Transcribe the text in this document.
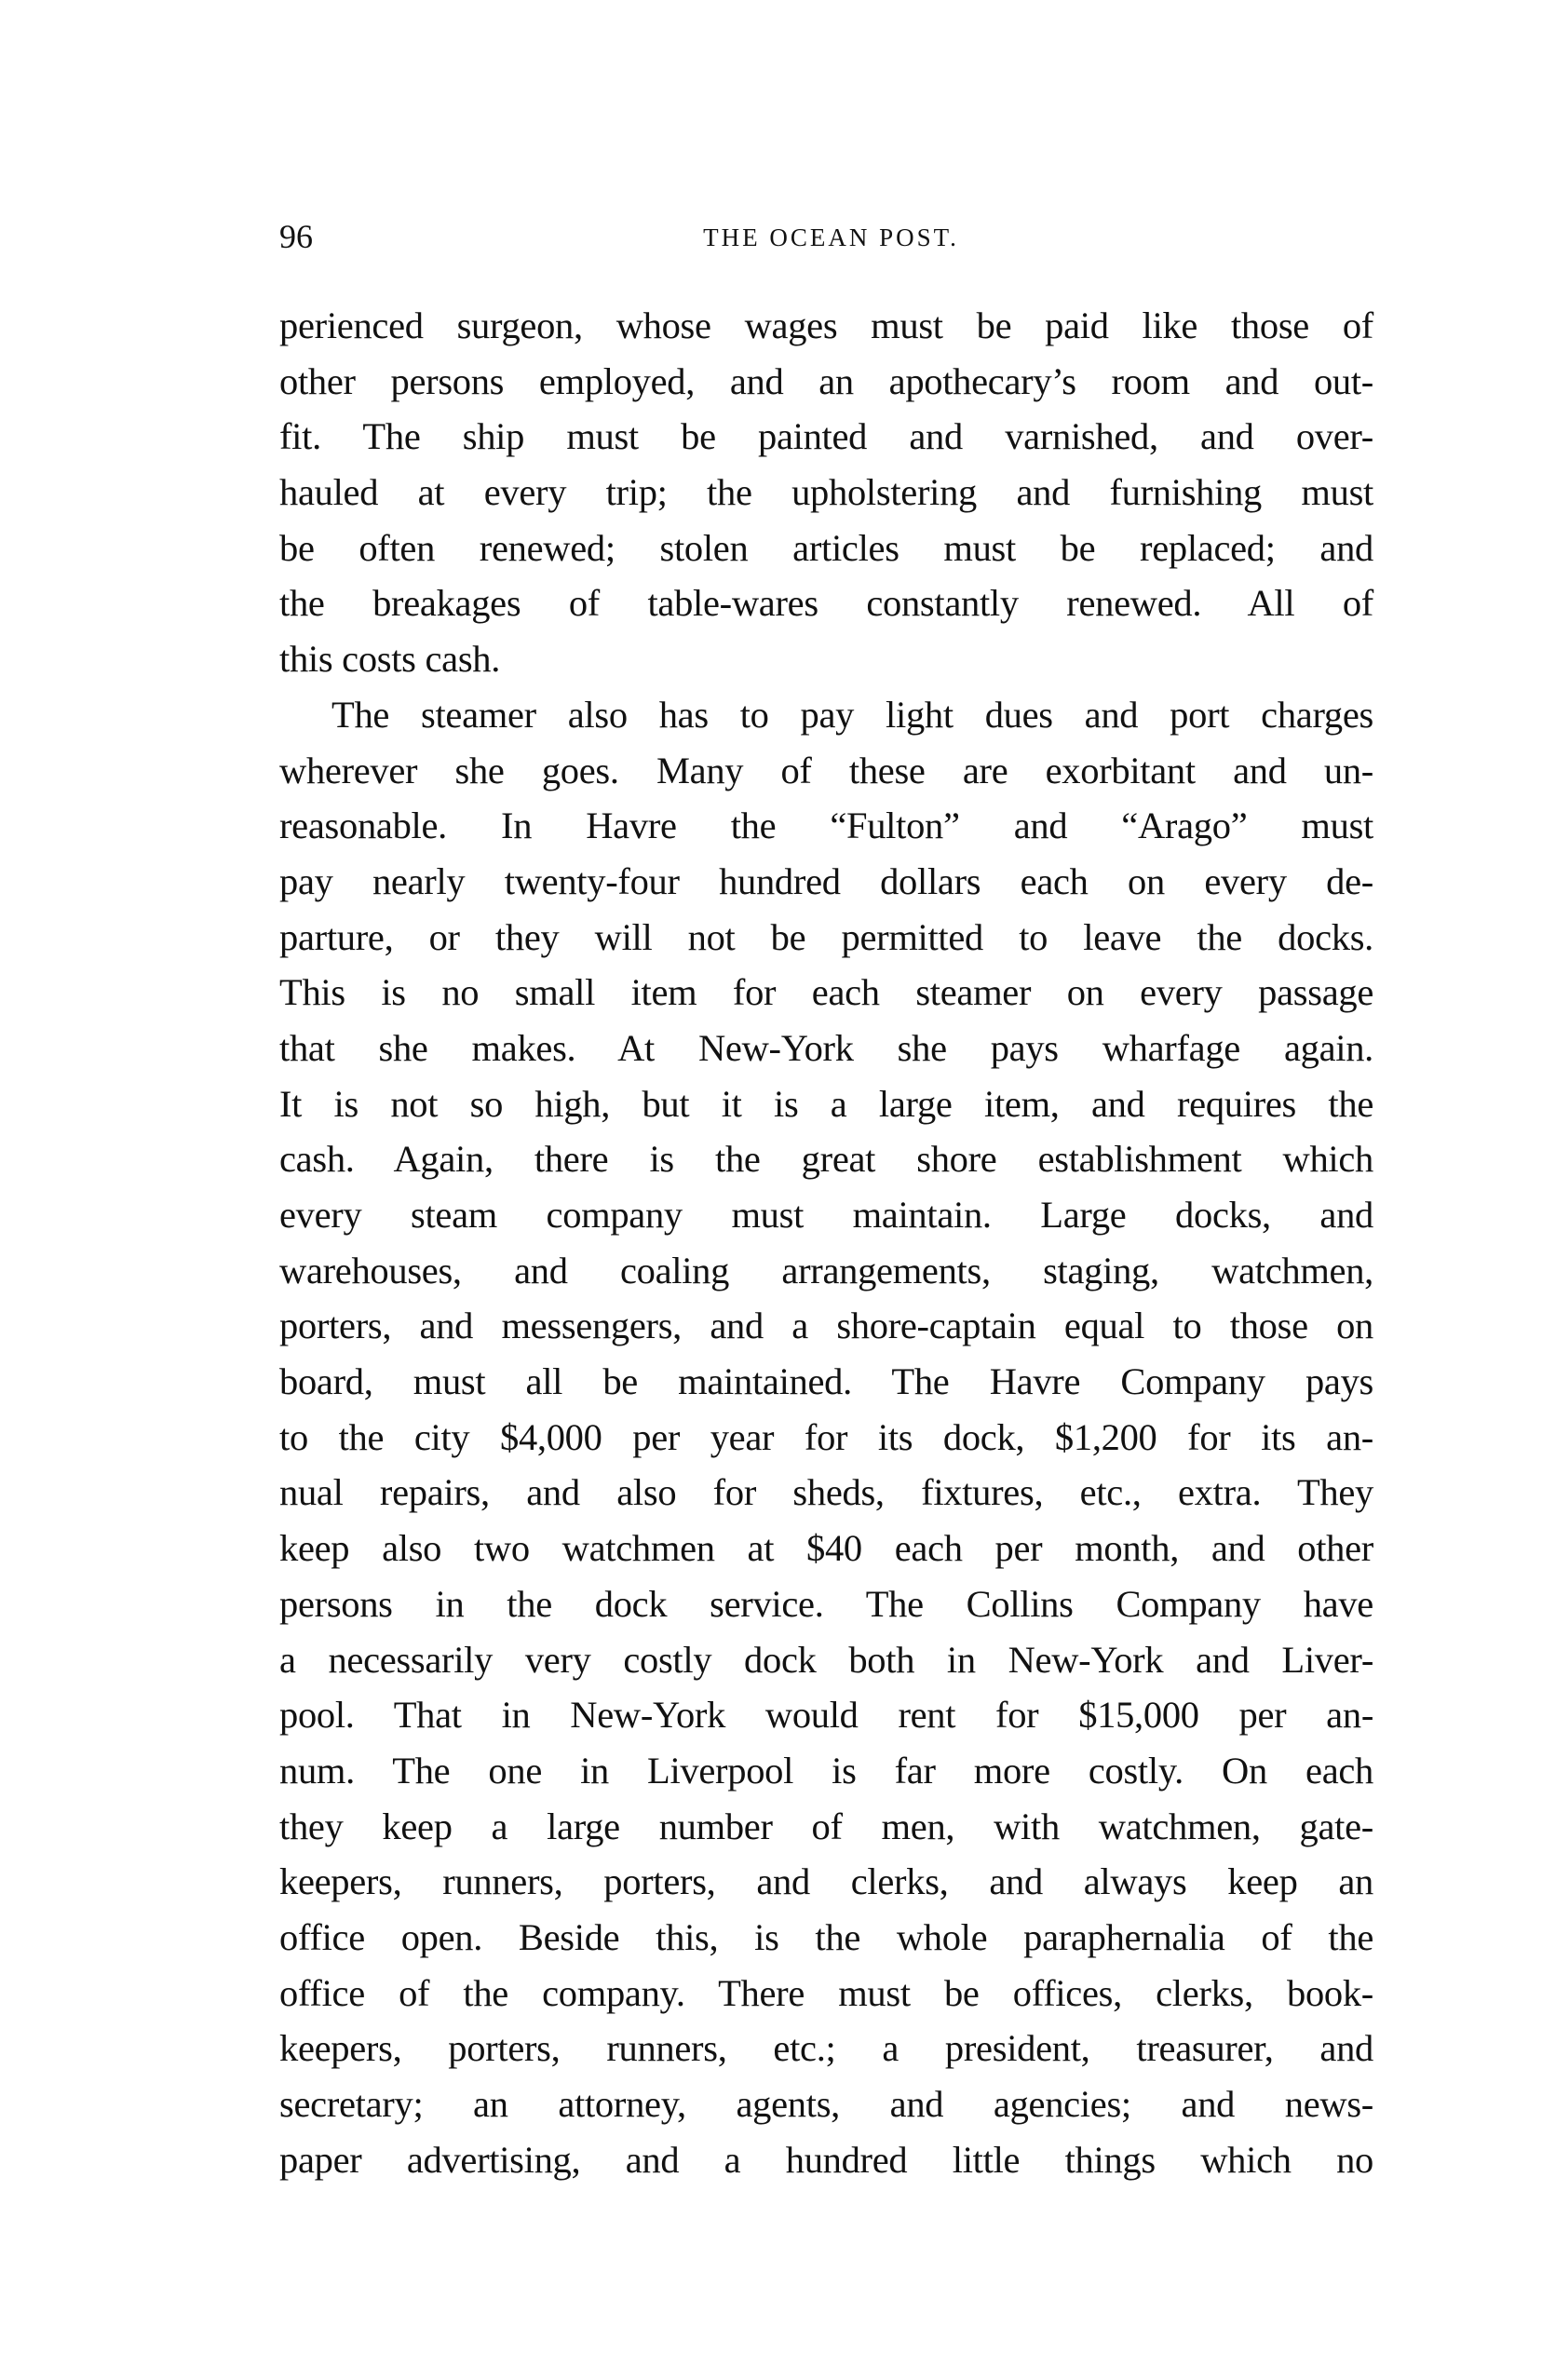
96	THE OCEAN POST.
perienced surgeon, whose wages must be paid like those of
other persons employed, and an apothecary’s room and out-
fit. The ship must be painted and varnished, and over-
hauled at every trip; the upholstering and furnishing must
be often renewed; stolen articles must be replaced; and
the breakages of table-wares constantly renewed. All of
this costs cash.
The steamer also has to pay light dues and port charges
wherever she goes. Many of these are exorbitant and un-
reasonable. In Havre the “Fulton” and “Arago” must
pay nearly twenty-four hundred dollars each on every de-
parture, or they will not be permitted to leave the docks.
This is no small item for each steamer on every passage
that she makes. At New-York she pays wharfage again.
It is not so high, but it is a large item, and requires the
cash. Again, there is the great shore establishment which
every steam company must maintain. Large docks, and
warehouses, and coaling arrangements, staging, watchmen,
porters, and messengers, and a shore-captain equal to those on
board, must all be maintained. The Havre Company pays
to the city $4,000 per year for its dock, $1,200 for its an-
nual repairs, and also for sheds, fixtures, etc., extra. They
keep also two watchmen at $40 each per month, and other
persons in the dock service. The Collins Company have
a necessarily very costly dock both in New-York and Liver-
pool. That in New-York would rent for $15,000 per an-
num. The one in Liverpool is far more costly. On each
they keep a large number of men, with watchmen, gate-
keepers, runners, porters, and clerks, and always keep an
office open. Beside this, is the whole paraphernalia of the
office of the company. There must be offices, clerks, book-
keepers, porters, runners, etc.; a president, treasurer, and
secretary; an attorney, agents, and agencies; and news-
paper advertising, and a hundred little things which no
